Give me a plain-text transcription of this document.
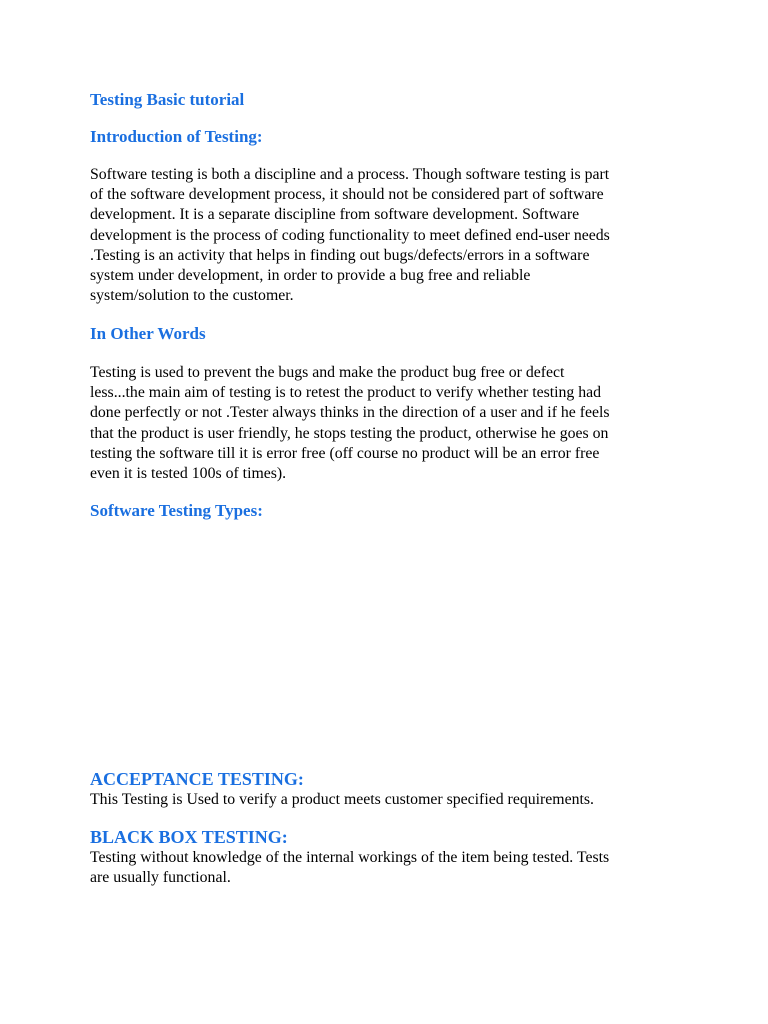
Testing Basic tutorial
Introduction of Testing:

Software testing is both a discipline and a process. Though software testing is part
of the software development process, it should not be considered part of software
development. It is a separate discipline from software development. Software
development is the process of coding functionality to meet defined end-user needs
.Testing is an activity that helps in finding out bugs/defects/errors in a software
system under development, in order to provide a bug free and reliable
system/solution to the customer.

In Other Words

Testing is used to prevent the bugs and make the product bug free or defect
less...the main aim of testing is to retest the product to verify whether testing had
done perfectly or not .Tester always thinks in the direction of a user and if he feels
that the product is user friendly, he stops testing the product, otherwise he goes on
testing the software till it is error free (off course no product will be an error free
even it is tested 100s of times).

Software Testing Types:
ACCEPTANCE TESTING:

This Testing is Used to verify a product meets customer specified requirements.

BLACK BOX TESTING:

Testing without knowledge of the internal workings of the item being tested. Tests
are usually functional.
